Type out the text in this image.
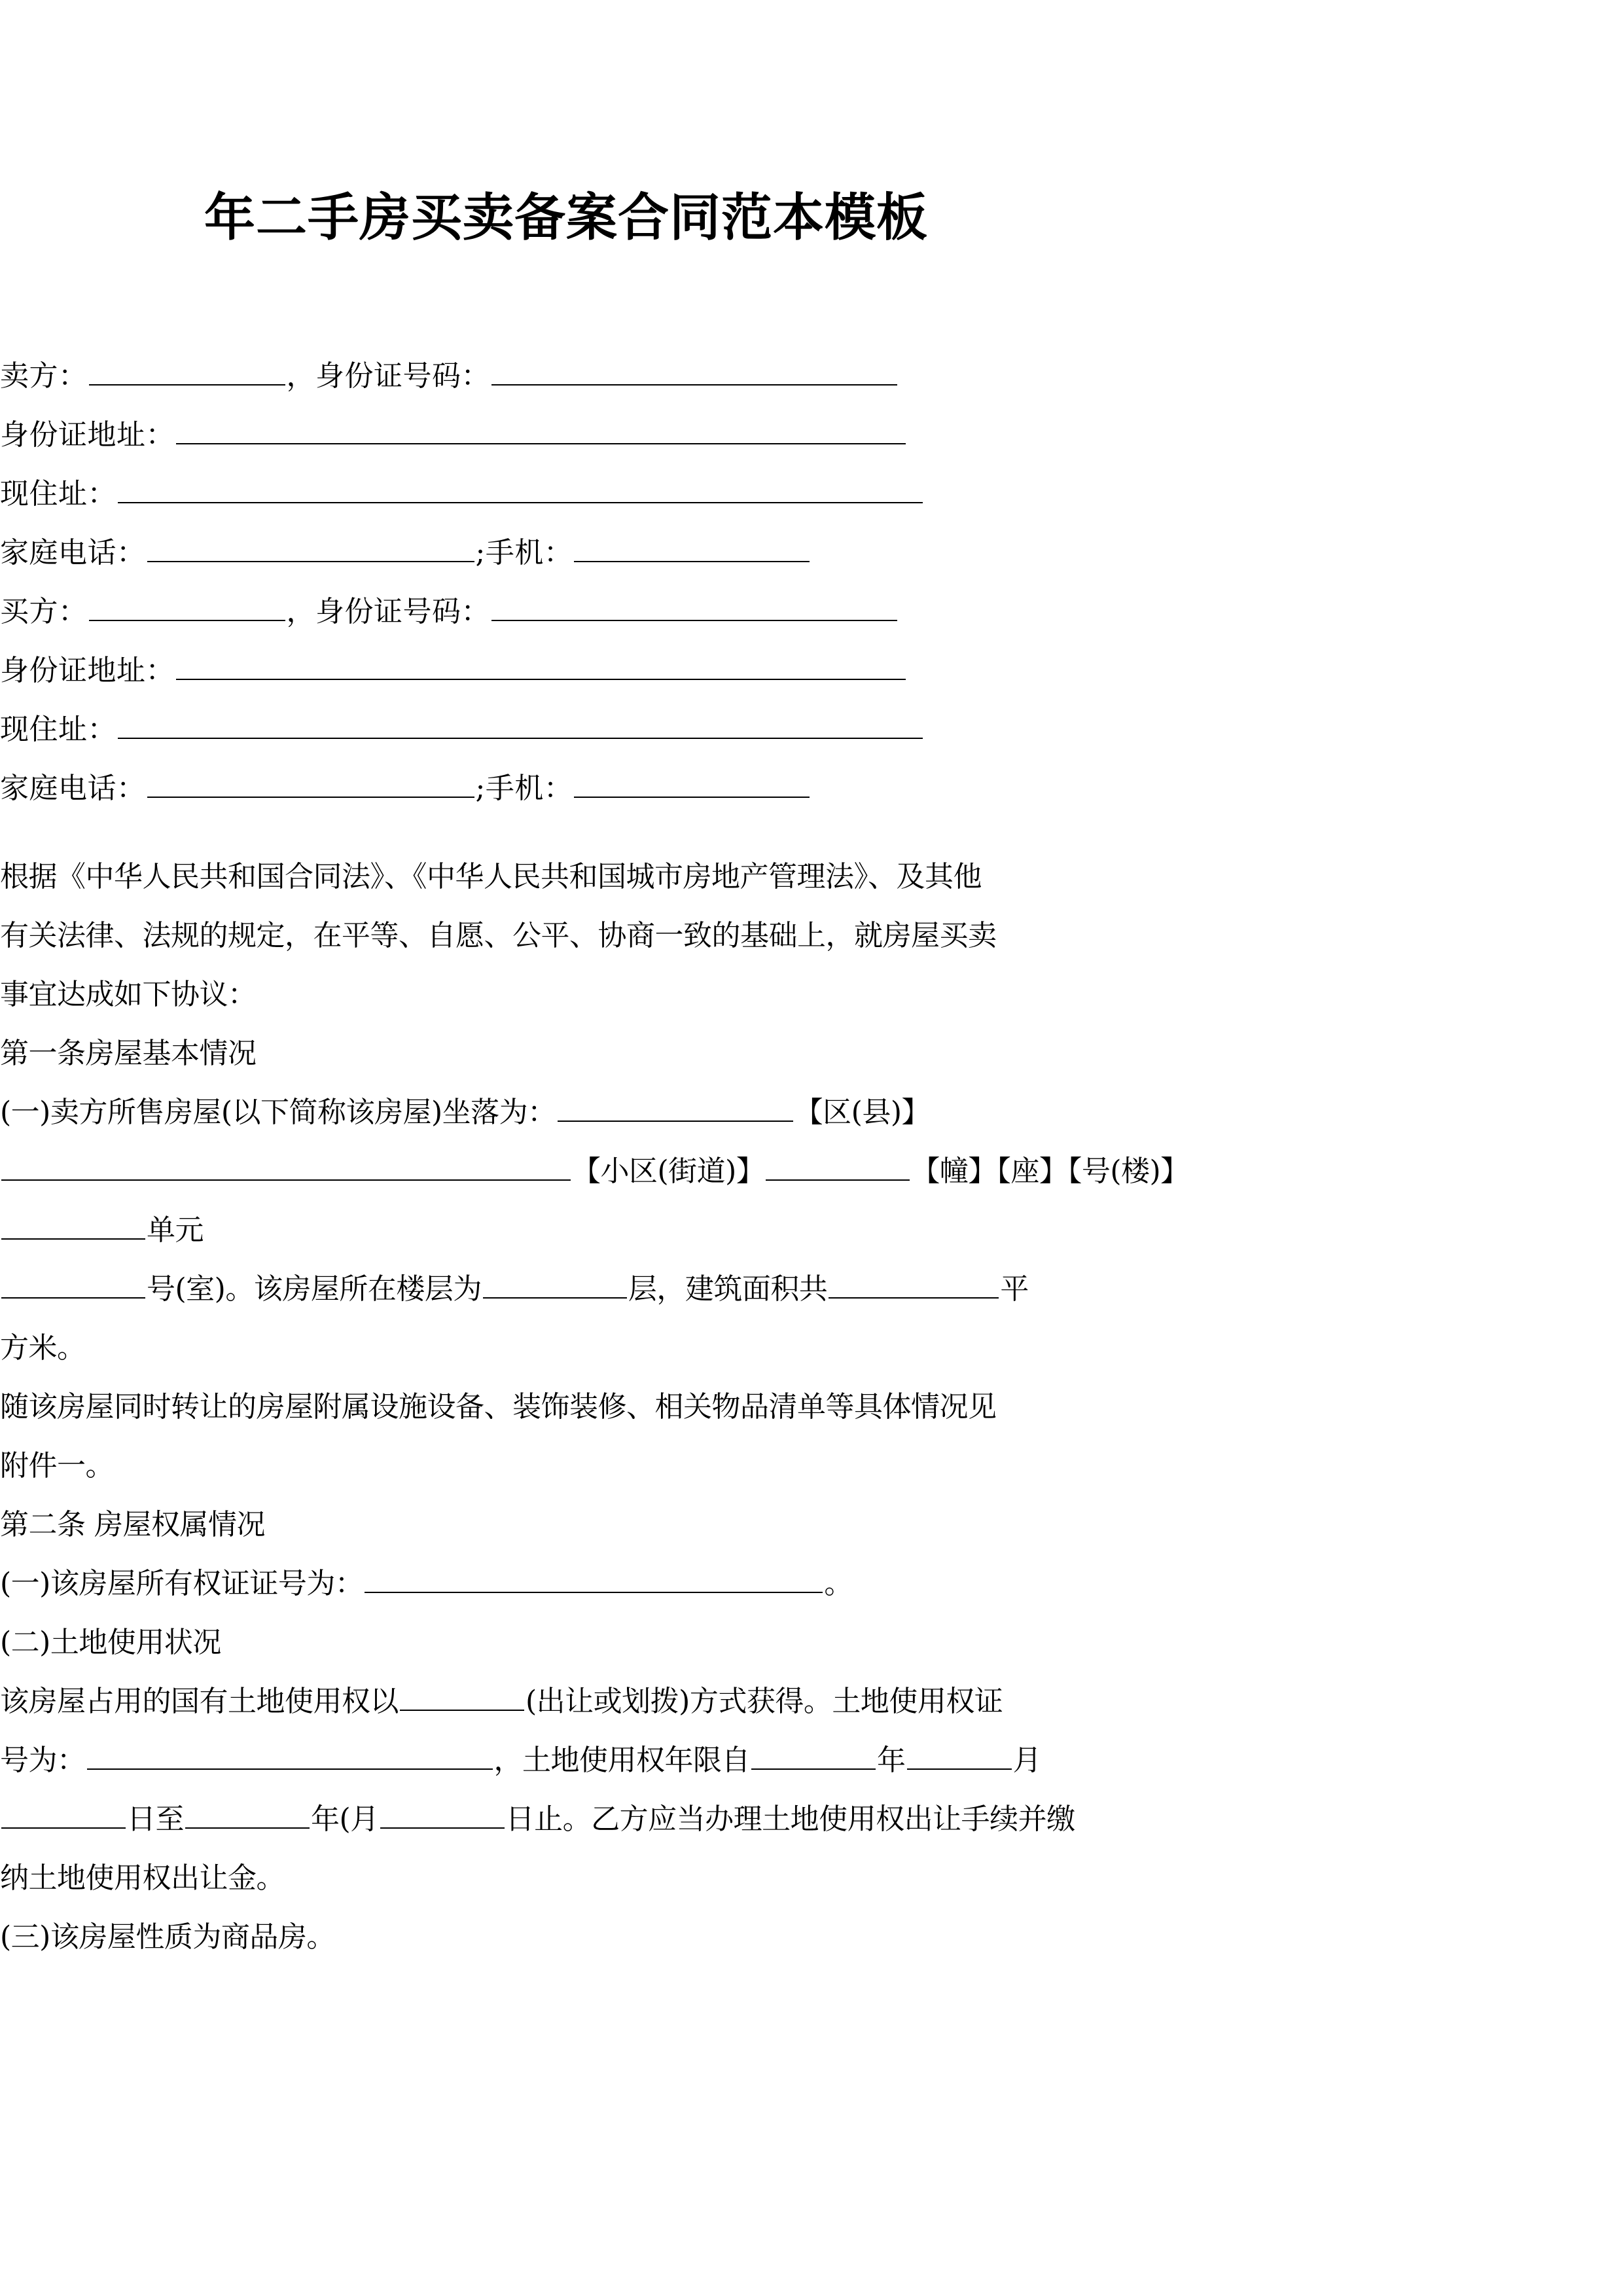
年二手房买卖备案合同范本模板
卖方：	，身份证号码：
身份证地址：
现住址：
家庭电话：	;手机：
买方：	，身份证号码：
身份证地址：
现住址：
家庭电话：	;手机：
根据《中华人民共和国合同法》、《中华人民共和国城市房地产管理法》、及其他
有关法律、法规的规定，在平等、自愿、公平、协商一致的基础上，就房屋买卖
事宜达成如下协议：
第一条房屋基本情况
(一)卖方所售房屋(以下简称该房屋)坐落为：	【区(县)】
【小区(街道)】	【幢】【座】【号(楼)】
单元
号(室)。该房屋所在楼层为	层，建筑面积共	平
方米。
随该房屋同时转让的房屋附属设施设备、装饰装修、相关物品清单等具体情况见
附件一。
第二条 房屋权属情况
(一)该房屋所有权证证号为：	。
(二)土地使用状况
该房屋占用的国有土地使用权以	(出让或划拨)方式获得。土地使用权证
号为：	，土地使用权年限自	年	月
日至	年(月	日止。乙方应当办理土地使用权出让手续并缴
纳土地使用权出让金。
(三)该房屋性质为商品房。
